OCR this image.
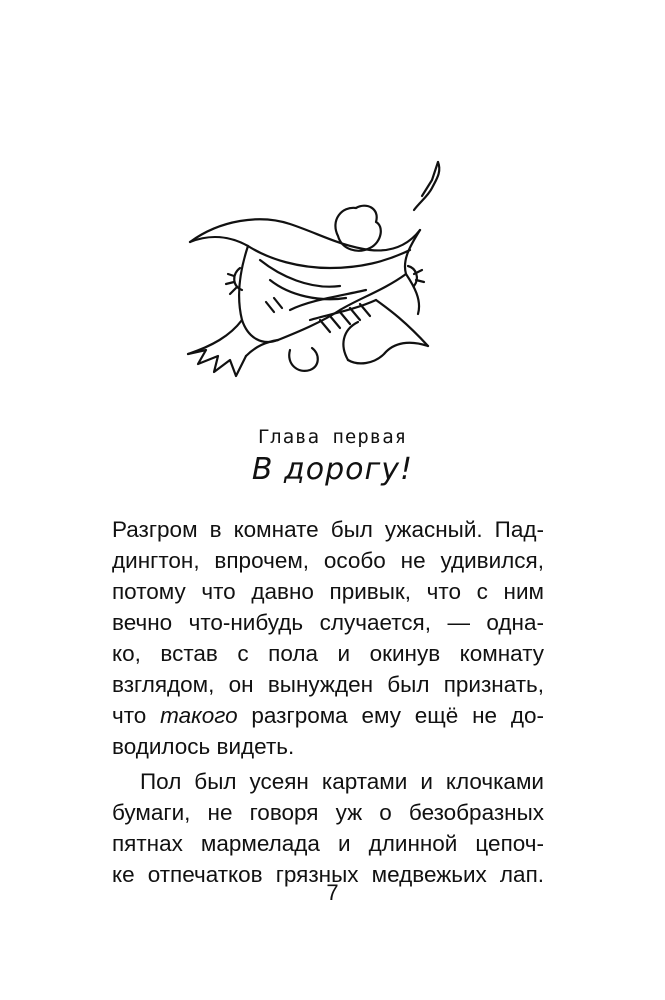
Глава первая
В дорогу!
Разгром в комнате был ужасный. Пад-
дингтон, впрочем, особо не удивился,
потому что давно привык, что с ним
вечно что-нибудь случается, — одна-
ко, встав с пола и окинув комнату
взглядом, он вынужден был признать,
что такого разгрома ему ещё не до-
водилось видеть.
Пол был усеян картами и клочками
бумаги, не говоря уж о безобразных
пятнах мармелада и длинной цепоч-
ке отпечатков грязных медвежьих лап.
7
